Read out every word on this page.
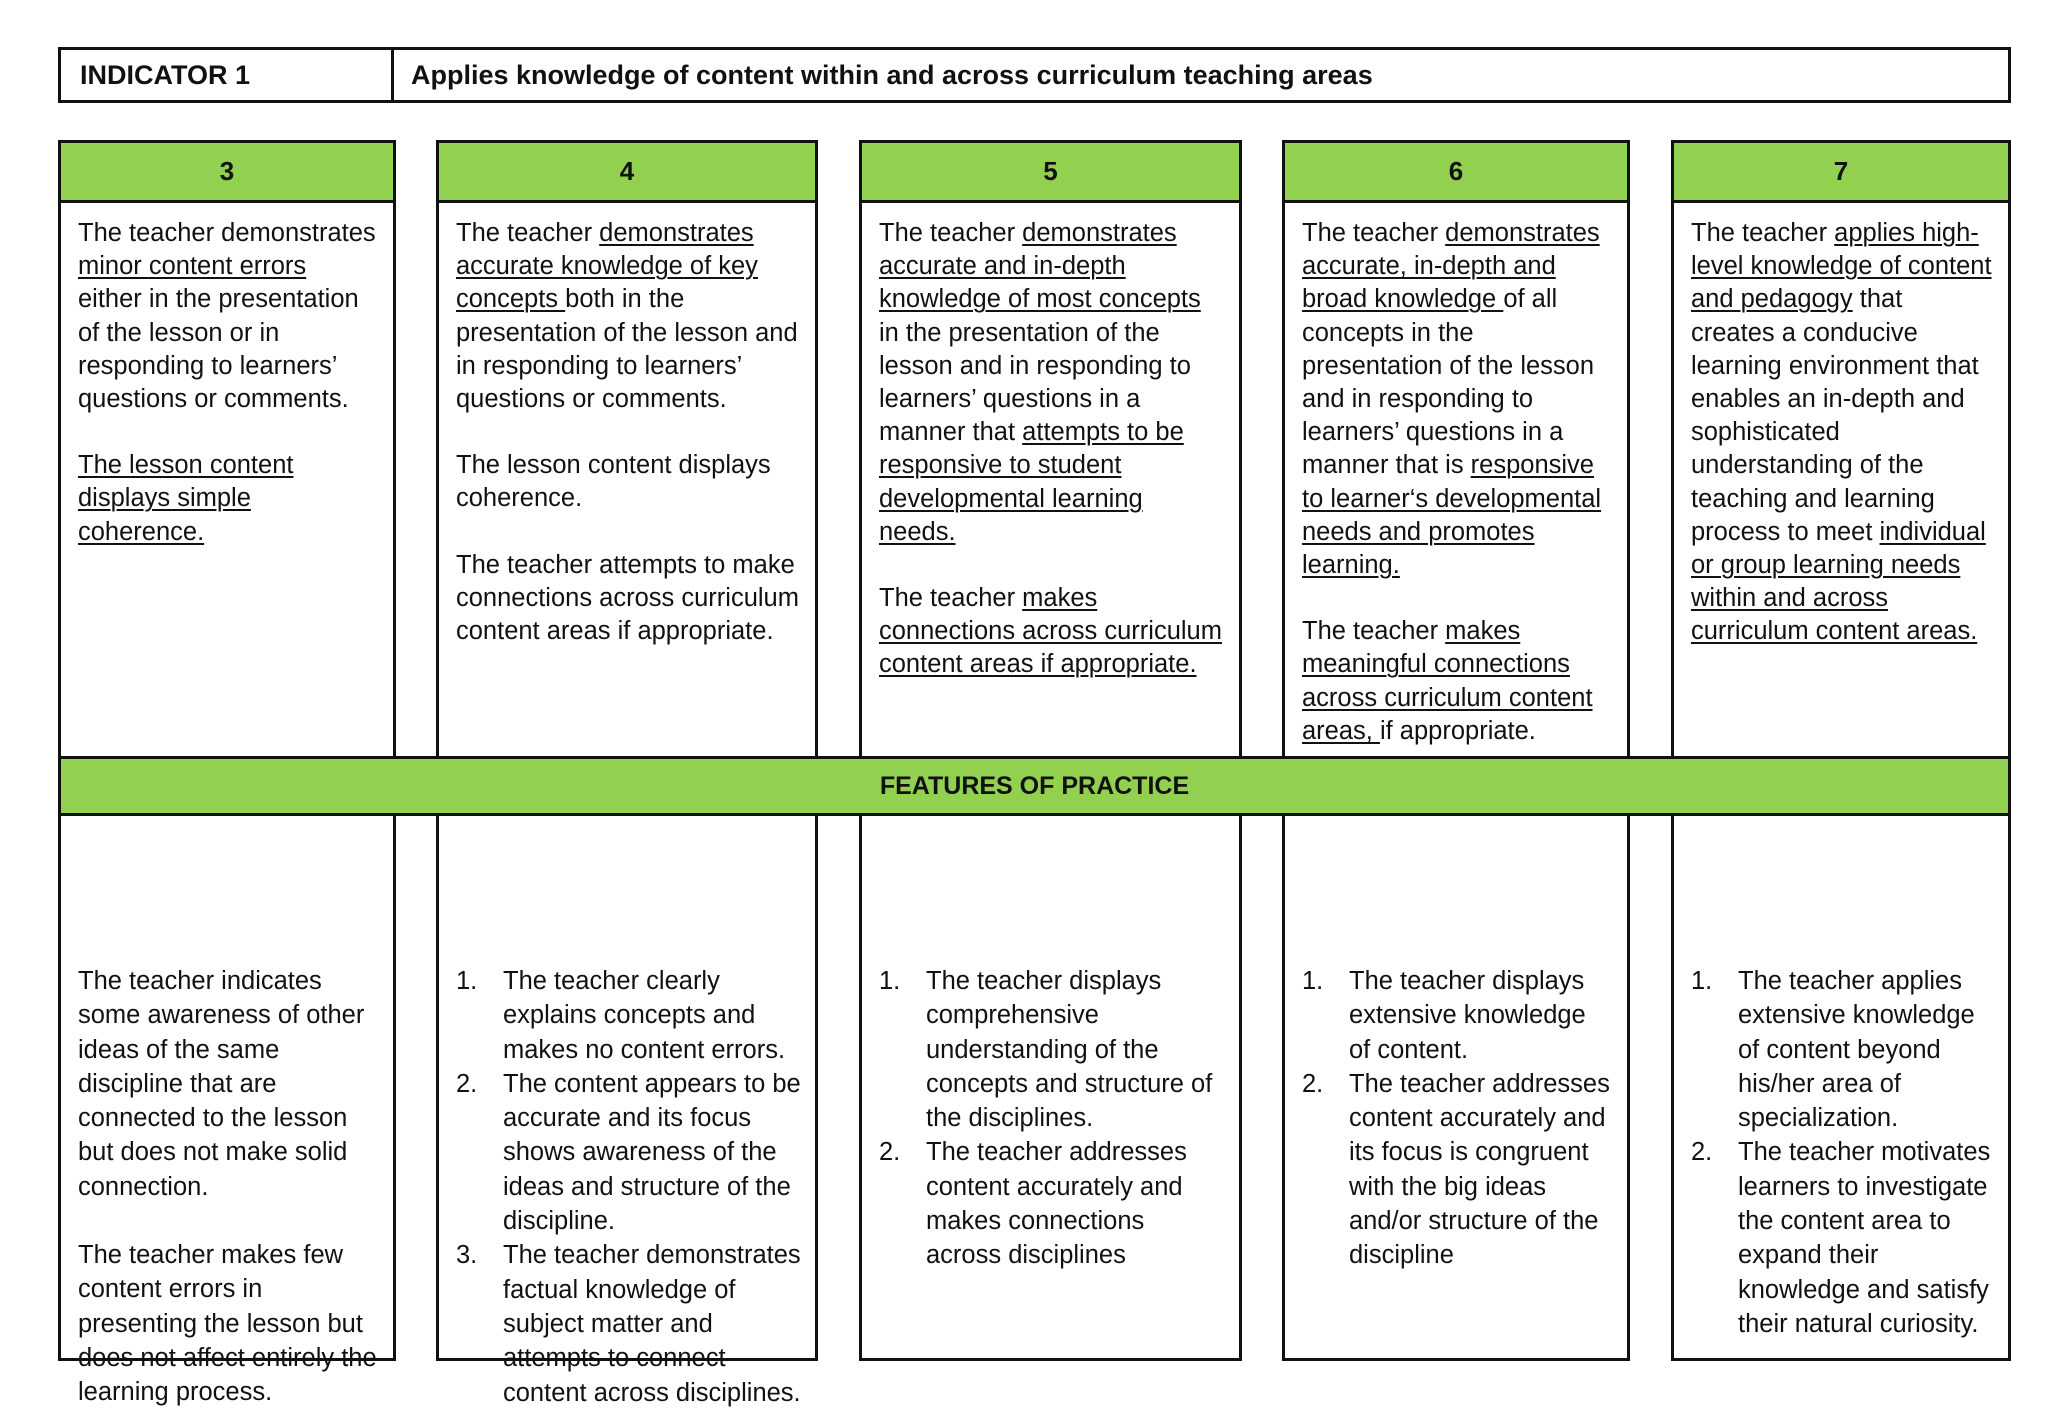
INDICATOR 1	Applies knowledge of content within and across curriculum teaching areas
3

The teacher demonstrates minor content errors either in the presentation of the lesson or in responding to learners’ questions or comments.

The lesson content displays simple coherence.

The teacher indicates some awareness of other ideas of the same discipline that are connected to the lesson but does not make solid connection.

The teacher makes few content errors in presenting the lesson but does not affect entirely the learning process.

4

The teacher demonstrates accurate knowledge of key concepts both in the presentation of the lesson and in responding to learners’ questions or comments.

The lesson content displays coherence.

The teacher attempts to make connections across curriculum content areas if appropriate.

1. The teacher clearly explains concepts and makes no content errors.
2. The content appears to be accurate and its focus shows awareness of the ideas and structure of the discipline.
3. The teacher demonstrates factual knowledge of subject matter and attempts to connect content across disciplines.
5

The teacher demonstrates accurate and in-depth knowledge of most concepts in the presentation of the lesson and in responding to learners’ questions in a manner that attempts to be responsive to student developmental learning needs.

The teacher makes connections across curriculum content areas if appropriate.

1. The teacher displays comprehensive understanding of the concepts and structure of the disciplines.
2. The teacher addresses content accurately and makes connections across disciplines
6

The teacher demonstrates accurate, in-depth and broad knowledge of all concepts in the presentation of the lesson and in responding to learners’ questions in a manner that is responsive to learner‘s developmental needs and promotes learning.

The teacher makes meaningful connections across curriculum content areas, if appropriate.

1. The teacher displays extensive knowledge of content.
2. The teacher addresses content accurately and its focus is congruent with the big ideas and/or structure of the discipline
7

The teacher applies high-level knowledge of content and pedagogy that creates a conducive learning environment that enables an in-depth and sophisticated understanding of the teaching and learning process to meet individual or group learning needs within and across curriculum content areas.

1. The teacher applies extensive knowledge of content beyond his/her area of specialization.
2. The teacher motivates learners to investigate the content area to expand their knowledge and satisfy their natural curiosity.
FEATURES OF PRACTICE
